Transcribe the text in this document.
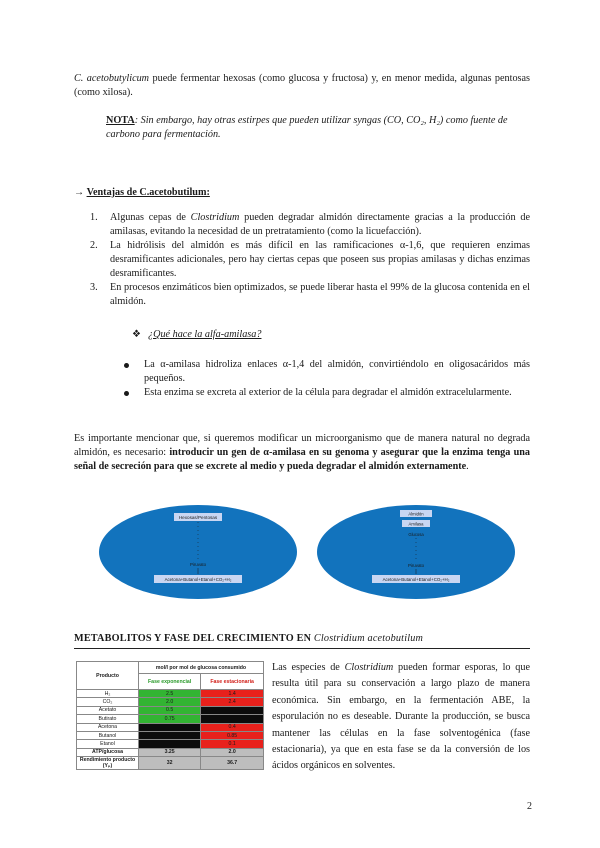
C. acetobutylicum puede fermentar hexosas (como glucosa y fructosa) y, en menor medida, algunas pentosas (como xilosa).

NOTA: Sin embargo, hay otras estirpes que pueden utilizar syngas (CO, CO₂, H₂) como fuente de carbono para fermentación.

→ Ventajas de C.acetobutilum:
1. Algunas cepas de Clostridium pueden degradar almidón directamente gracias a la producción de amilasas, evitando la necesidad de un pretratamiento (como la licuefacción).
2. La hidrólisis del almidón es más difícil en las ramificaciones α-1,6, que requieren enzimas desramificantes adicionales, pero hay ciertas cepas que poseen sus propias amilasas y dichas enzimas desramificantes.
3. En procesos enzimáticos bien optimizados, se puede liberar hasta el 99% de la glucosa contenida en el almidón.
❖ ¿Qué hace la alfa-amilasa?
La α-amilasa hidroliza enlaces α-1,4 del almidón, convirtiéndolo en oligosacáridos más pequeños.
Esta enzima se excreta al exterior de la célula para degradar el almidón extracelularmente.

Es importante mencionar que, si queremos modificar un microorganismo que de manera natural no degrada almidón, es necesario: introducir un gen de α-amilasa en su genoma y asegurar que la enzima tenga una señal de secreción para que se excrete al medio y pueda degradar el almidón externamente.

Hexosas/Pentosas
Piruvato
Acetona+Butanol+Etanol+CO₂+H₂
Almidón
Amilasa
Glucosa
Piruvato
Acetona+Butanol+Etanol+CO₂+H₂
METABOLITOS Y FASE DEL CRECIMIENTO EN Clostridium acetobutilum
Producto	mol/l por mol de glucosa consumido	
	Fase exponencial	Fase estacionaria
H₂	2.5	1.4
CO₂	2.0	2.4
Acetato	0.5	
Butirato	0.75	
Acetona		0.4
Butanol		0.85
Etanol		0.1
ATP/glucosa	3.25	2.0
Rendimiento producto (Yₚ)	32	36.7

Las especies de Clostridium pueden formar esporas, lo que resulta útil para su conservación a largo plazo de manera económica. Sin embargo, en la fermentación ABE, la esporulación no es deseable. Durante la producción, se busca mantener las células en la fase solventogénica (fase estacionaria), ya que en esta fase se da la conversión de los ácidos orgánicos en solventes.

2
